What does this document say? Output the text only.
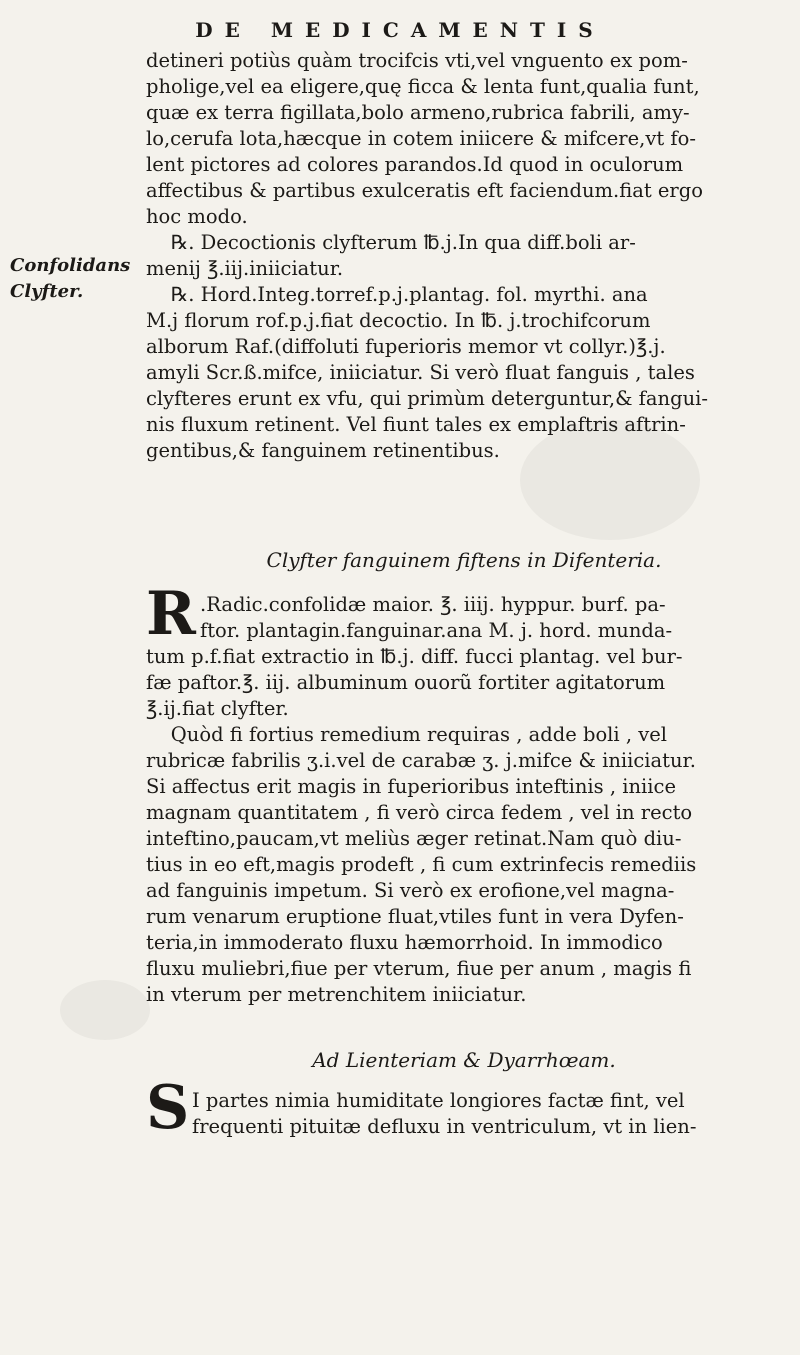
DE MEDICAMENTIS
detineri potiùs quàm trocifcis vti,vel vnguento ex pom-
pholige,vel ea eligere,quę ficca & lenta funt,qualia funt,
quæ ex terra figillata,bolo armeno,rubrica fabrili, amy-
lo,cerufa lota,hæcque in cotem iniicere & mifcere,vt fo-
lent pictores ad colores parandos.Id quod in oculorum
affectibus & partibus exulceratis eft faciendum.fiat ergo
hoc modo.
℞. Decoctionis clyfterum ℔.j.In qua diff.boli ar-
menij ℥.iij.iniiciatur.
℞. Hord.Integ.torref.p.j.plantag. fol. myrthi. ana
M.j florum rof.p.j.fiat decoctio. In ℔. j.trochifcorum
alborum Raf.(diffoluti fuperioris memor vt collyr.)℥.j.
amyli Scr.ß.mifce, iniiciatur. Si verò fluat fanguis , tales
clyfteres erunt ex vfu, qui primùm deterguntur,& fangui-
nis fluxum retinent. Vel fiunt tales ex emplaftris aftrin-
gentibus,& fanguinem retinentibus.
Confolidans
Clyfter.
Clyfter fanguinem fiftens in Difenteria.
R .Radic.confolidæ maior. ℥. iiij. hyppur. burf. pa-
ftor. plantagin.fanguinar.ana M. j. hord. munda-
tum p.f.fiat extractio in ℔.j. diff. fucci plantag. vel bur-
fæ paftor.℥. iij. albuminum ouorũ fortiter agitatorum
℥.ij.fiat clyfter.
Quòd fi fortius remedium requiras , adde boli , vel
rubricæ fabrilis ʒ.i.vel de carabæ ʒ. j.mifce & iniiciatur.
Si affectus erit magis in fuperioribus inteftinis , iniice
magnam quantitatem , fi verò circa fedem , vel in recto
inteftino,paucam,vt meliùs æger retinat.Nam quò diu-
tius in eo eft,magis prodeft , fi cum extrinfecis remediis
ad fanguinis impetum. Si verò ex erofione,vel magna-
rum venarum eruptione fluat,vtiles funt in vera Dyfen-
teria,in immoderato fluxu hæmorrhoid. In immodico
fluxu muliebri,fiue per vterum, fiue per anum , magis fi
in vterum per metrenchitem iniiciatur.
Ad Lienteriam & Dyarrhœam.
S I partes nimia humiditate longiores factæ fint, vel
frequenti pituitæ defluxu in ventriculum, vt in lien-
